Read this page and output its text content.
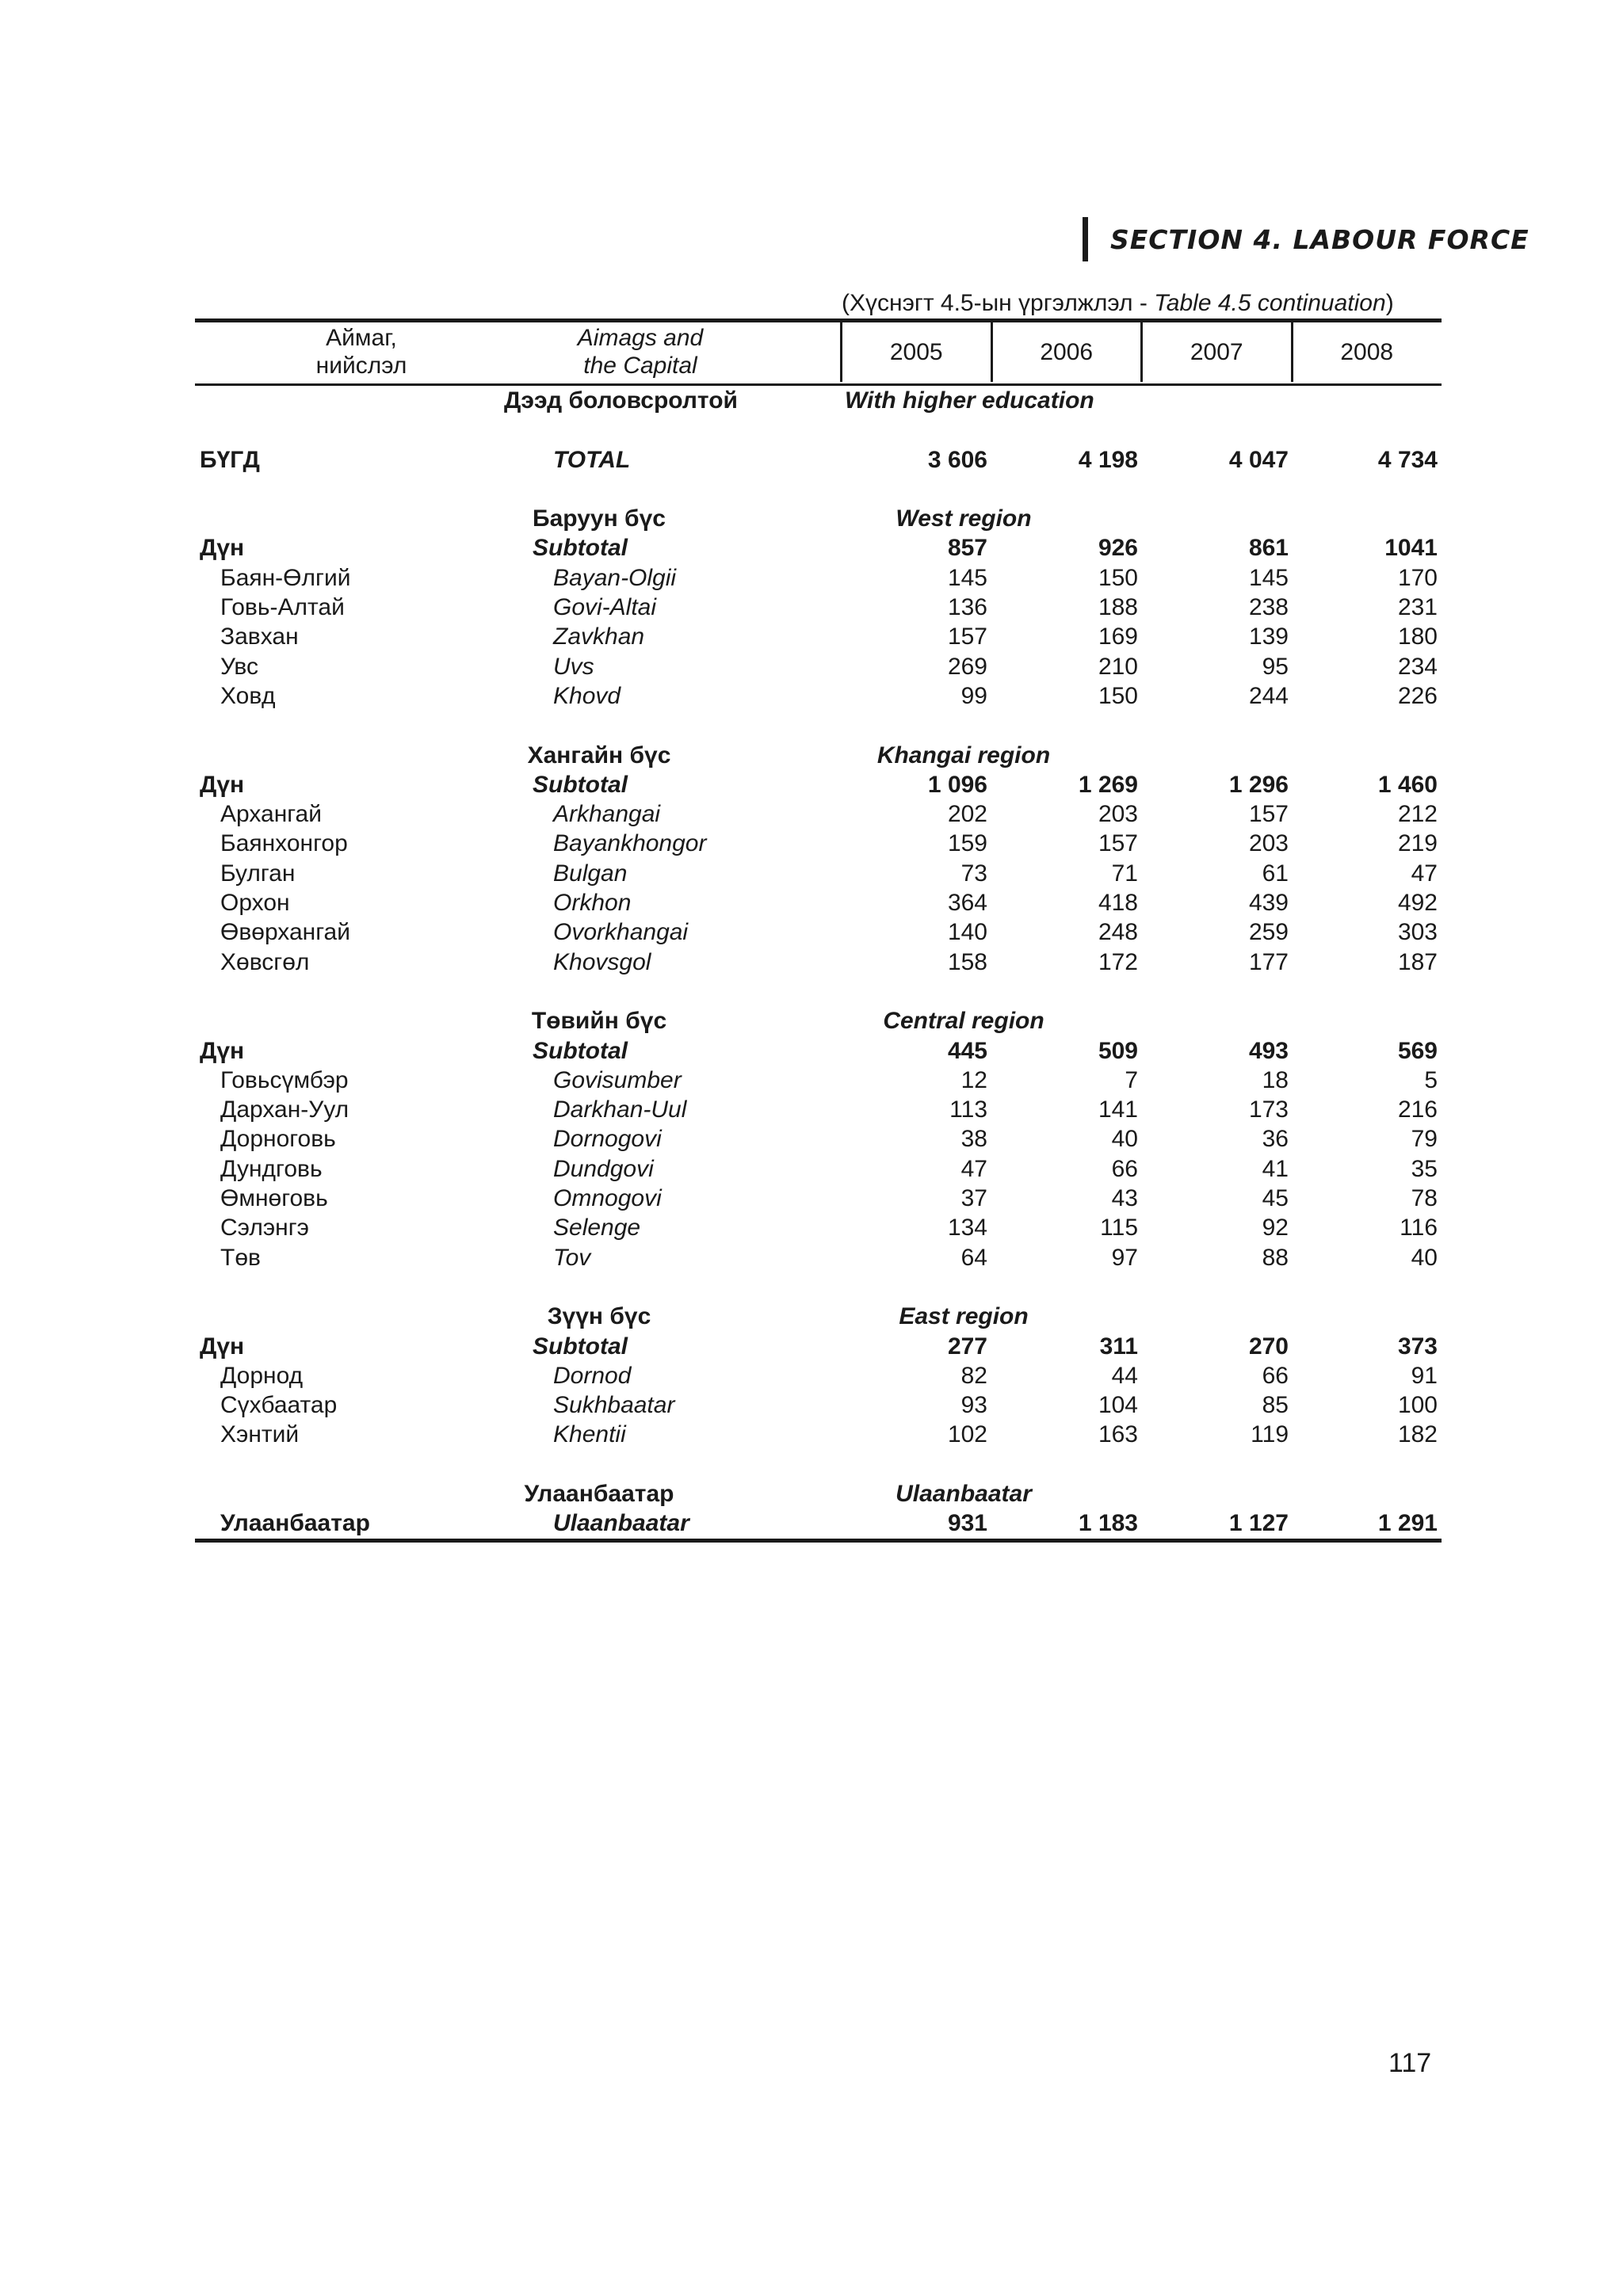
SECTION 4. LABOUR FORCE
(Хүснэгт 4.5-ын үргэлжлэл - Table 4.5 continuation)
Аймаг,
нийслэл
Aimags and
the Capital
2005	2006	2007	2008
Дээд боловсролтой	With higher education
БҮГД	TOTAL	3 606	4 198	4 047	4 734
Баруун бүс	West region
Дүн	Subtotal	857	926	861	1041
Баян-Өлгий	Bayan-Olgii	145	150	145	170
Говь-Алтай	Govi-Altai	136	188	238	231
Завхан	Zavkhan	157	169	139	180
Увс	Uvs	269	210	95	234
Ховд	Khovd	99	150	244	226
Хангайн бүс	Khangai region
Дүн	Subtotal	1 096	1 269	1 296	1 460
Архангай	Arkhangai	202	203	157	212
Баянхонгор	Bayankhongor	159	157	203	219
Булган	Bulgan	73	71	61	47
Орхон	Orkhon	364	418	439	492
Өвөрхангай	Ovorkhangai	140	248	259	303
Хөвсгөл	Khovsgol	158	172	177	187
Төвийн бүс	Central region
Дүн	Subtotal	445	509	493	569
Говьсүмбэр	Govisumber	12	7	18	5
Дархан-Уул	Darkhan-Uul	113	141	173	216
Дорноговь	Dornogovi	38	40	36	79
Дундговь	Dundgovi	47	66	41	35
Өмнөговь	Omnogovi	37	43	45	78
Сэлэнгэ	Selenge	134	115	92	116
Төв	Tov	64	97	88	40
Зүүн бүс	East region
Дүн	Subtotal	277	311	270	373
Дорнод	Dornod	82	44	66	91
Сүхбаатар	Sukhbaatar	93	104	85	100
Хэнтий	Khentii	102	163	119	182
Улаанбаатар	Ulaanbaatar
Улаанбаатар	Ulaanbaatar	931	1 183	1 127	1 291
117
